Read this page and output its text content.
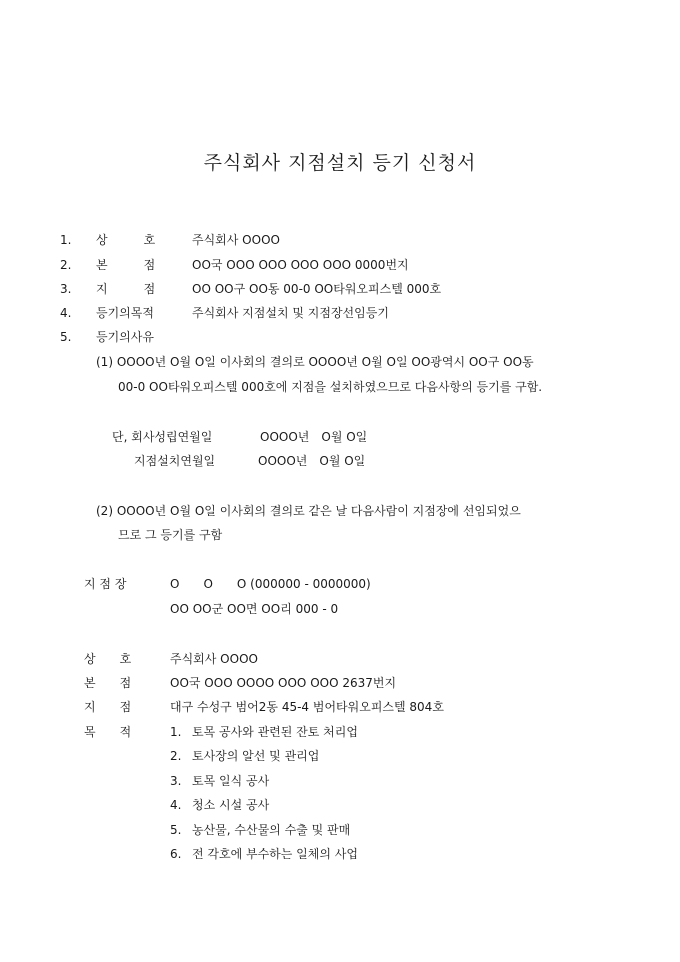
주식회사 지점설치 등기 신청서
1. 상　　　호	주식회사 OOOO
2. 본　　　점	OO국 OOO OOO OOO OOO 0000번지
3. 지　　　점	OO OO구 OO동 00-0 OO타워오피스텔 000호
4. 등기의목적	주식회사 지점설치 및 지점장선임등기
5. 등기의사유
(1) OOOO년 O월 O일 이사회의 결의로 OOOO년 O월 O일 OO광역시 OO구 OO동
00-0 OO타워오피스텔 000호에 지점을 설치하였으므로 다음사항의 등기를 구함.
단, 회사성립연월일	OOOO년　O월 O일
지점설치연월일	OOOO년　O월 O일
(2) OOOO년 O월 O일 이사회의 결의로 같은 날 다음사람이 지점장에 선임되었으
므로 그 등기를 구함
지 점 장	O　　O　　O (000000 - 0000000)
OO OO군 OO면 OO리 000 - 0
상　　호	주식회사 OOOO
본　　점	OO국 OOO OOOO OOO OOO 2637번지
지　　점	대구 수성구 범어2동 45-4 범어타워오피스텔 804호
목　　적	1. 토목 공사와 관련된 잔토 처리업
2. 토사장의 알선 및 관리업
3. 토목 일식 공사
4. 청소 시설 공사
5. 농산물, 수산물의 수출 및 판매
6. 전 각호에 부수하는 일체의 사업
